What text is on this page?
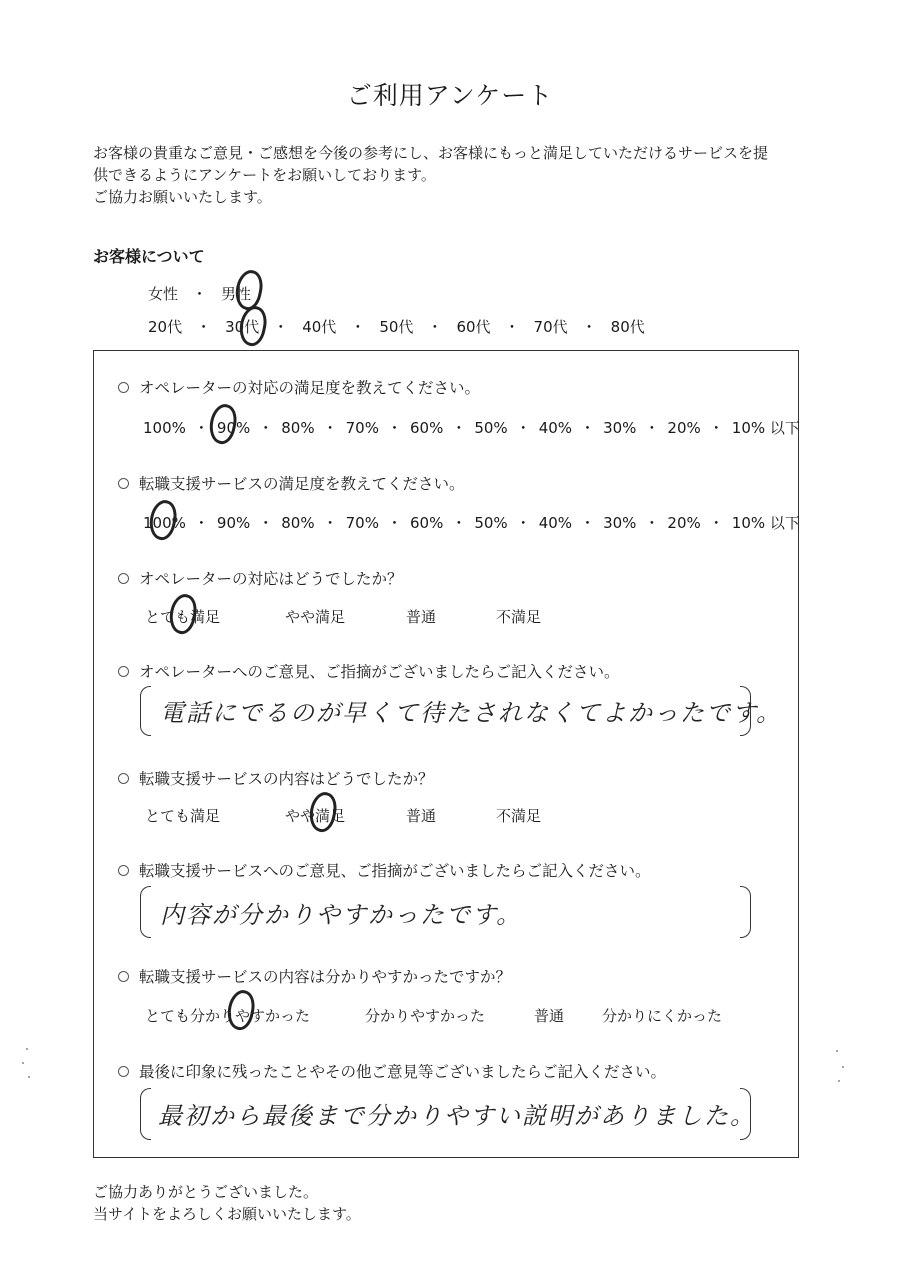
ご利用アンケート
お客様の貴重なご意見・ご感想を今後の参考にし、お客様にもっと満足していただけるサービスを提
供できるようにアンケートをお願いしております。
ご協力お願いいたします。
お客様について
女性 ・ 男性
20代 ・ 30代 ・ 40代 ・ 50代 ・ 60代 ・ 70代 ・ 80代
オペレーターの対応の満足度を教えてください。
100% ・ 90% ・ 80% ・ 70% ・ 60% ・ 50% ・ 40% ・ 30% ・ 20% ・ 10% 以下
転職支援サービスの満足度を教えてください。
100% ・ 90% ・ 80% ・ 70% ・ 60% ・ 50% ・ 40% ・ 30% ・ 20% ・ 10% 以下
オペレーターの対応はどうでしたか？
とても満足	やや満足	普通	不満足
オペレーターへのご意見、ご指摘がございましたらご記入ください。
電話にでるのが早くて待たされなくてよかったです。
転職支援サービスの内容はどうでしたか？
とても満足	やや満足	普通	不満足
転職支援サービスへのご意見、ご指摘がございましたらご記入ください。
内容が分かりやすかったです。
転職支援サービスの内容は分かりやすかったですか？
とても分かりやすかった	分かりやすかった	普通	分かりにくかった
最後に印象に残ったことやその他ご意見等ございましたらご記入ください。
最初から最後まで分かりやすい説明がありました。
ご協力ありがとうございました。
当サイトをよろしくお願いいたします。
